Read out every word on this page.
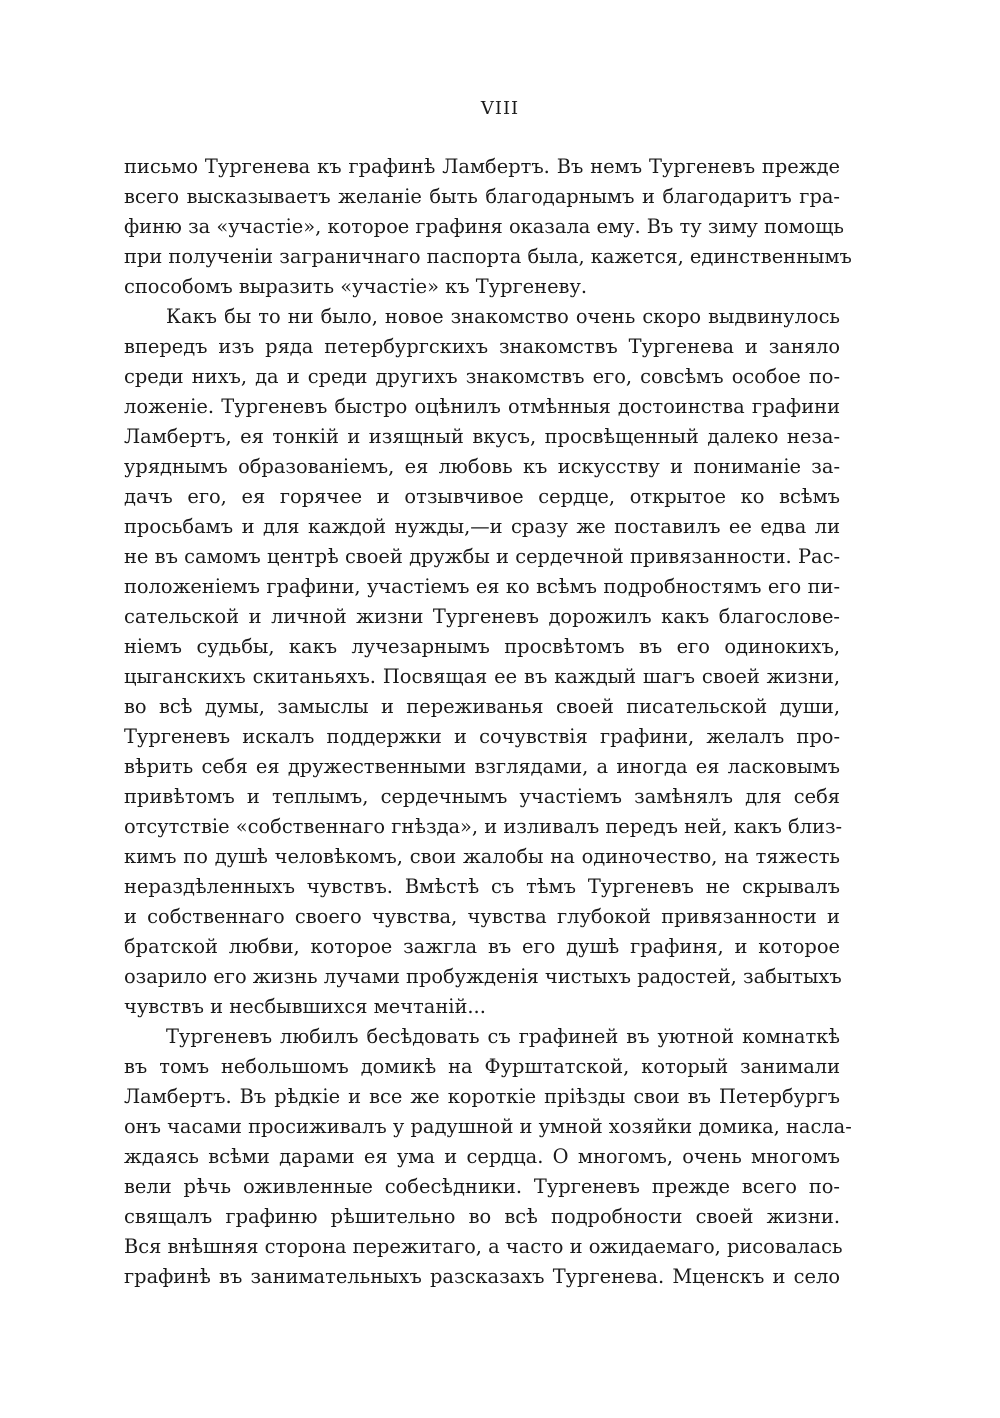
VIII
письмо Тургенева къ графинѣ Ламбертъ. Въ немъ Тургеневъ прежде
всего высказываетъ желаніе быть благодарнымъ и благодаритъ гра-
финю за «участіе», которое графиня оказала ему. Въ ту зиму помощь
при полученіи заграничнаго паспорта была, кажется, единственнымъ
способомъ выразить «участіе» къ Тургеневу.
Какъ бы то ни было, новое знакомство очень скоро выдвинулось
впередъ изъ ряда петербургскихъ знакомствъ Тургенева и заняло
среди нихъ, да и среди другихъ знакомствъ его, совсѣмъ особое по-
ложеніе. Тургеневъ быстро оцѣнилъ отмѣнныя достоинства графини
Ламбертъ, ея тонкій и изящный вкусъ, просвѣщенный далеко неза-
уряднымъ образованіемъ, ея любовь къ искусству и пониманіе за-
дачъ его, ея горячее и отзывчивое сердце, открытое ко всѣмъ
просьбамъ и для каждой нужды,—и сразу же поставилъ ее едва ли
не въ самомъ центрѣ своей дружбы и сердечной привязанности. Рас-
положеніемъ графини, участіемъ ея ко всѣмъ подробностямъ его пи-
сательской и личной жизни Тургеневъ дорожилъ какъ благослове-
ніемъ судьбы, какъ лучезарнымъ просвѣтомъ въ его одинокихъ,
цыганскихъ скитаньяхъ. Посвящая ее въ каждый шагъ своей жизни,
во всѣ думы, замыслы и переживанья своей писательской души,
Тургеневъ искалъ поддержки и сочувствія графини, желалъ про-
вѣрить себя ея дружественными взглядами, а иногда ея ласковымъ
привѣтомъ и теплымъ, сердечнымъ участіемъ замѣнялъ для себя
отсутствіе «собственнаго гнѣзда», и изливалъ передъ ней, какъ близ-
кимъ по душѣ человѣкомъ, свои жалобы на одиночество, на тяжесть
нераздѣленныхъ чувствъ. Вмѣстѣ съ тѣмъ Тургеневъ не скрывалъ
и собственнаго своего чувства, чувства глубокой привязанности и
братской любви, которое зажгла въ его душѣ графиня, и которое
озарило его жизнь лучами пробужденія чистыхъ радостей, забытыхъ
чувствъ и несбывшихся мечтаній...
Тургеневъ любилъ бесѣдовать съ графиней въ уютной комнаткѣ
въ томъ небольшомъ домикѣ на Фурштатской, который занимали
Ламбертъ. Въ рѣдкіе и все же короткіе пріѣзды свои въ Петербургъ
онъ часами просиживалъ у радушной и умной хозяйки домика, насла-
ждаясь всѣми дарами ея ума и сердца. О многомъ, очень многомъ
вели рѣчь оживленные собесѣдники. Тургеневъ прежде всего по-
свящалъ графиню рѣшительно во всѣ подробности своей жизни.
Вся внѣшняя сторона пережитаго, а часто и ожидаемаго, рисовалась
графинѣ въ занимательныхъ разсказахъ Тургенева. Мценскъ и село
